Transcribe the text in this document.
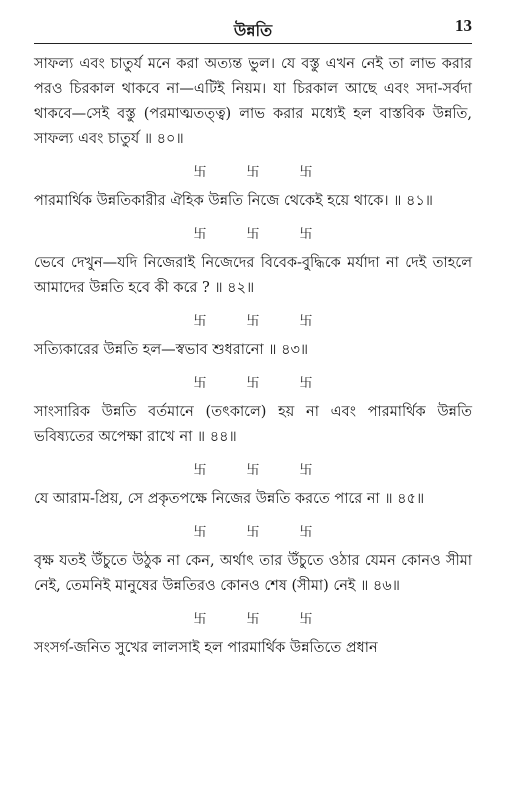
উন্নতি	13

সাফল্য এবং চাতুর্য মনে করা অত্যন্ত ভুল। যে বস্তু এখন নেই তা লাভ করার পরও চিরকাল থাকবে না—এটিই নিয়ম। যা চিরকাল আছে এবং সদা-সর্বদা থাকবে—সেই বস্তু (পরমাত্মতত্ত্ব) লাভ করার মধ্যেই হল বাস্তবিক উন্নতি, সাফল্য এবং চাতুর্য ॥ ৪০॥

卐	卐	卐

পারমার্থিক উন্নতিকারীর ঐহিক উন্নতি নিজে থেকেই হয়ে থাকে। ॥ ৪১॥

卐	卐	卐

ভেবে দেখুন—যদি নিজেরাই নিজেদের বিবেক-বুদ্ধিকে মর্যাদা না দেই তাহলে আমাদের উন্নতি হবে কী করে ? ॥ ৪২॥

卐	卐	卐

সত্যিকারের উন্নতি হল—স্বভাব শুধরানো ॥ ৪৩॥

卐	卐	卐

সাংসারিক উন্নতি বর্তমানে (তৎকালে) হয় না এবং পারমার্থিক উন্নতি ভবিষ্যতের অপেক্ষা রাখে না ॥ ৪৪॥

卐	卐	卐

যে আরাম-প্রিয়, সে প্রকৃতপক্ষে নিজের উন্নতি করতে পারে না ॥ ৪৫॥

卐	卐	卐

বৃক্ষ যতই উঁচুতে উঠুক না কেন, অর্থাৎ তার উঁচুতে ওঠার যেমন কোনও সীমা নেই, তেমনিই মানুষের উন্নতিরও কোনও শেষ (সীমা) নেই ॥ ৪৬॥

卐	卐	卐

সংসর্গ-জনিত সুখের লালসাই হল পারমার্থিক উন্নতিতে প্রধান
